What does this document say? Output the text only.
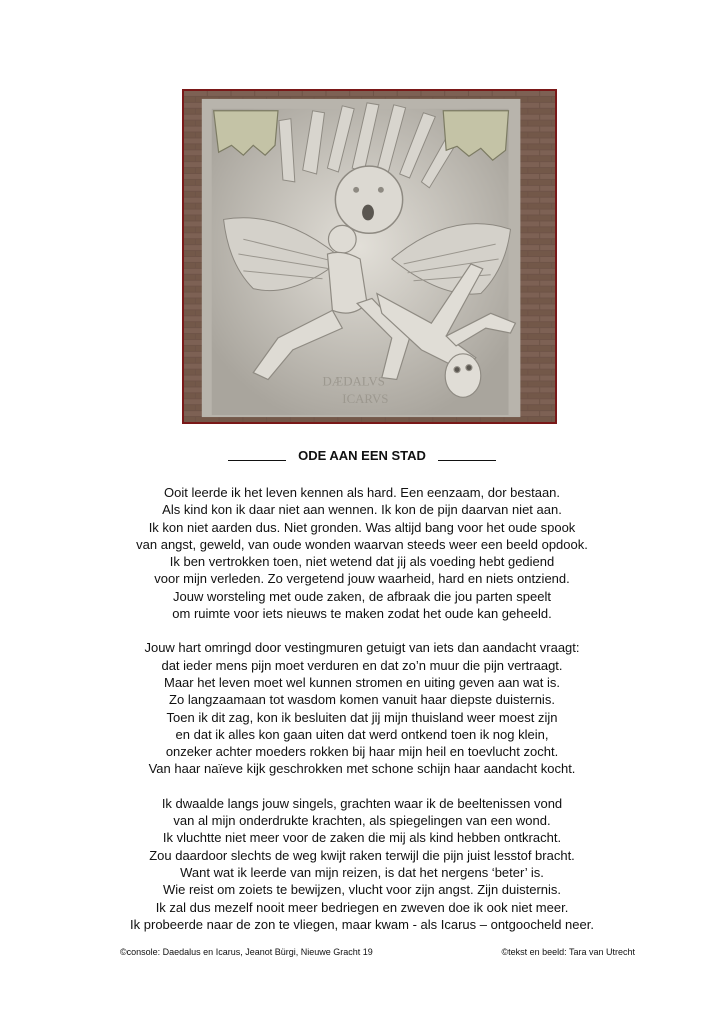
DÆDALVS
ICARVS
ODE AAN EEN STAD
Ooit leerde ik het leven kennen als hard. Een eenzaam, dor bestaan.
Als kind kon ik daar niet aan wennen. Ik kon de pijn daarvan niet aan.
Ik kon niet aarden dus. Niet gronden. Was altijd bang voor het oude spook
van angst, geweld, van oude wonden waarvan steeds weer een beeld opdook.
Ik ben vertrokken toen, niet wetend dat jij als voeding hebt gediend
voor mijn verleden. Zo vergetend jouw waarheid, hard en niets ontziend.
Jouw worsteling met oude zaken, de afbraak die jou parten speelt
om ruimte voor iets nieuws te maken zodat het oude kan geheeld.
Jouw hart omringd door vestingmuren getuigt van iets dan aandacht vraagt:
dat ieder mens pijn moet verduren en dat zo’n muur die pijn vertraagt.
Maar het leven moet wel kunnen stromen en uiting geven aan wat is.
Zo langzaamaan tot wasdom komen vanuit haar diepste duisternis.
Toen ik dit zag, kon ik besluiten dat jij mijn thuisland weer moest zijn
en dat ik alles kon gaan uiten dat werd ontkend toen ik nog klein,
onzeker achter moeders rokken bij haar mijn heil en toevlucht zocht.
Van haar naïeve kijk geschrokken met schone schijn haar aandacht kocht.
Ik dwaalde langs jouw singels, grachten waar ik de beeltenissen vond
van al mijn onderdrukte krachten, als spiegelingen van een wond.
Ik vluchtte niet meer voor de zaken die mij als kind hebben ontkracht.
Zou daardoor slechts de weg kwijt raken terwijl die pijn juist lesstof bracht.
Want wat ik leerde van mijn reizen, is dat het nergens ‘beter’ is.
Wie reist om zoiets te bewijzen, vlucht voor zijn angst. Zijn duisternis.
Ik zal dus mezelf nooit meer bedriegen en zweven doe ik ook niet meer.
Ik probeerde naar de zon te vliegen, maar kwam - als Icarus – ontgoocheld neer.
©console: Daedalus en Icarus, Jeanot Bürgi, Nieuwe Gracht 19	©tekst en beeld: Tara van Utrecht
